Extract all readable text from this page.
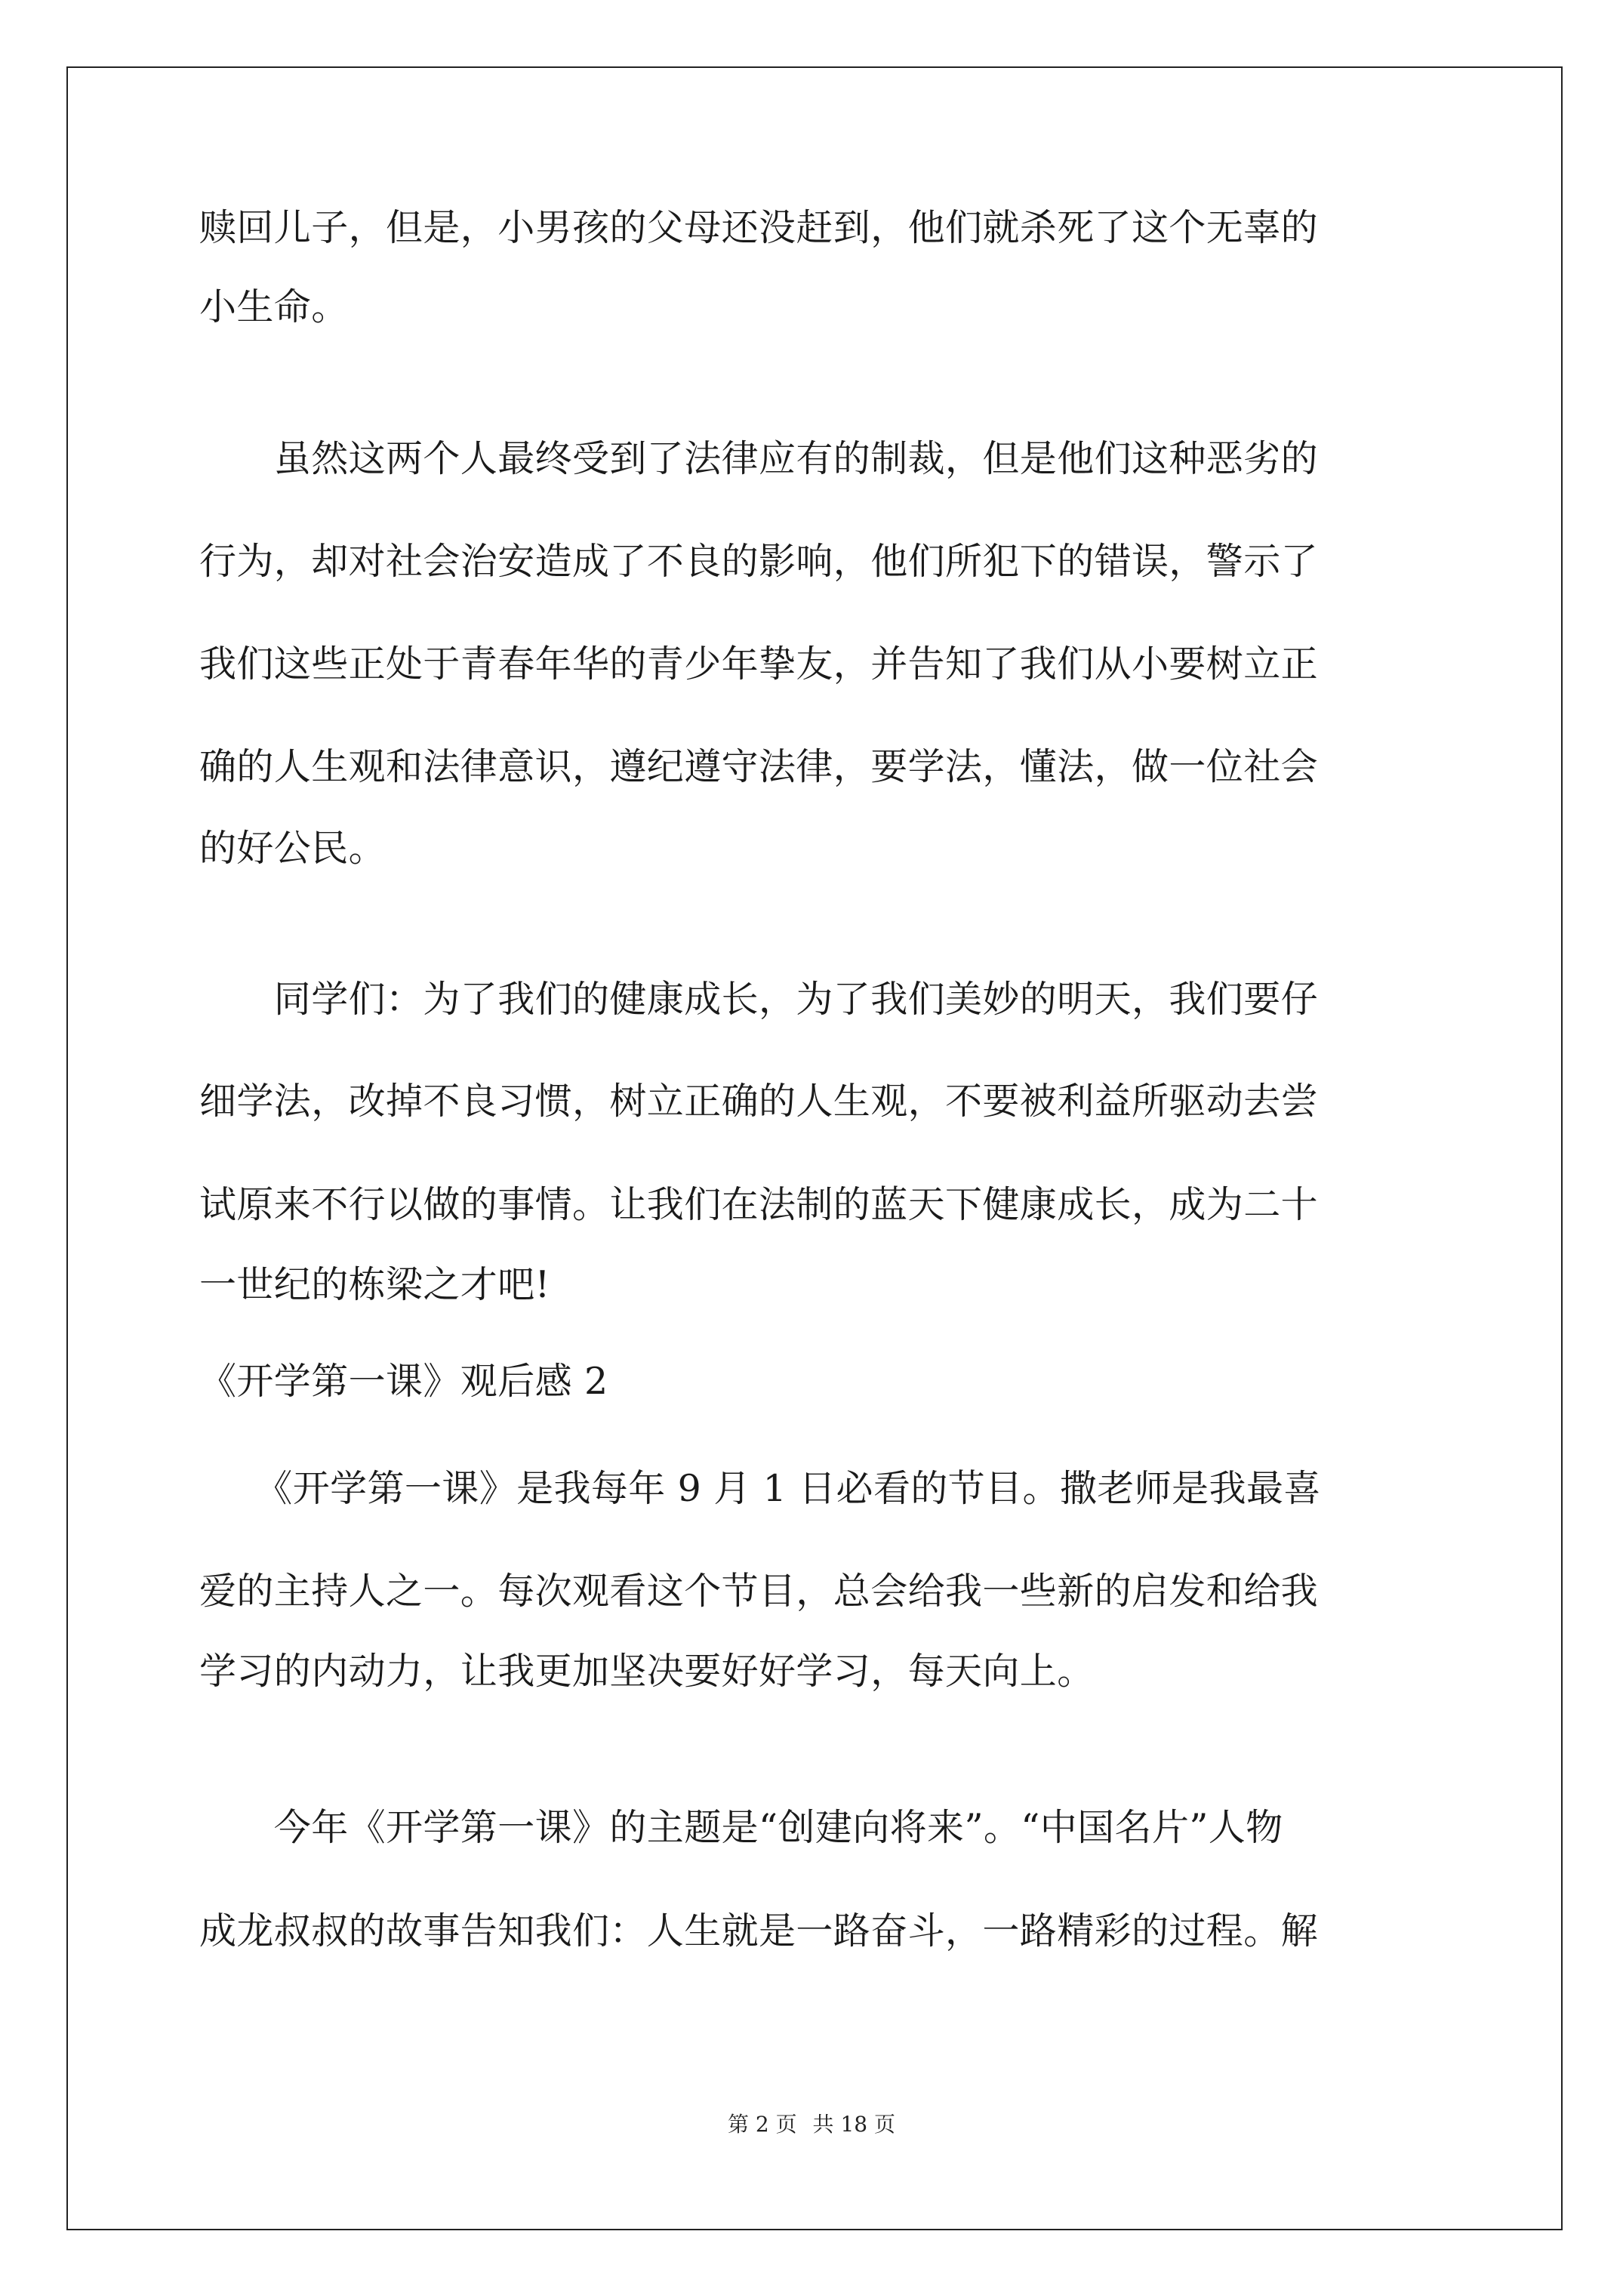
赎回儿子，但是，小男孩的父母还没赶到，他们就杀死了这个无辜的
小生命。
　　虽然这两个人最终受到了法律应有的制裁，但是他们这种恶劣的
行为，却对社会治安造成了不良的影响，他们所犯下的错误，警示了
我们这些正处于青春年华的青少年挚友，并告知了我们从小要树立正
确的人生观和法律意识，遵纪遵守法律，要学法，懂法，做一位社会
的好公民。
　　同学们：为了我们的健康成长，为了我们美妙的明天，我们要仔
细学法，改掉不良习惯，树立正确的人生观，不要被利益所驱动去尝
试原来不行以做的事情。让我们在法制的蓝天下健康成长，成为二十
一世纪的栋梁之才吧!
《开学第一课》观后感 2
　　《开学第一课》是我每年 9 月 1 日必看的节目。撒老师是我最喜
爱的主持人之一。每次观看这个节目，总会给我一些新的启发和给我
学习的内动力，让我更加坚决要好好学习，每天向上。
　　今年《开学第一课》的主题是“创建向将来”。“中国名片”人物
成龙叔叔的故事告知我们：人生就是一路奋斗，一路精彩的过程。解
第 2 页 共 18 页
